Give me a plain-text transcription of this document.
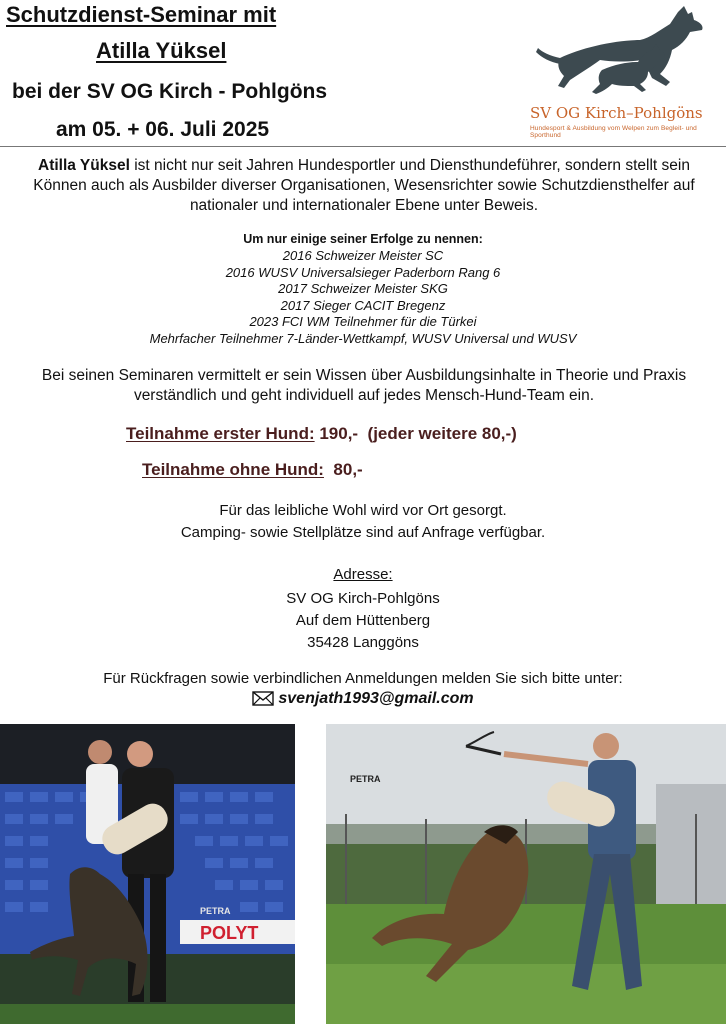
Schutzdienst-Seminar mit
Atilla Yüksel
bei der SV OG Kirch - Pohlgöns
am 05. + 06. Juli 2025
SV OG Kirch–Pohlgöns
Hundesport & Ausbildung vom Welpen zum Begleit- und Sporthund
Atilla Yüksel ist nicht nur seit Jahren Hundesportler und Diensthundeführer, sondern stellt sein Können auch als Ausbilder diverser Organisationen, Wesensrichter sowie Schutzdiensthelfer auf nationaler und internationaler Ebene unter Beweis.
Um nur einige seiner Erfolge zu nennen:
2016 Schweizer Meister SC
2016 WUSV Universalsieger Paderborn Rang 6
2017 Schweizer Meister SKG
2017 Sieger CACIT Bregenz
2023 FCI WM Teilnehmer für die Türkei
Mehrfacher Teilnehmer 7-Länder-Wettkampf, WUSV Universal und WUSV
Bei seinen Seminaren vermittelt er sein Wissen über Ausbildungsinhalte in Theorie und Praxis verständlich und geht individuell auf jedes Mensch-Hund-Team ein.
Teilnahme erster Hund: 190,-  (jeder weitere 80,-)
Teilnahme ohne Hund:  80,-
Für das leibliche Wohl wird vor Ort gesorgt.
Camping- sowie Stellplätze sind auf Anfrage verfügbar.
Adresse:
SV OG Kirch-Pohlgöns
Auf dem Hüttenberg
35428 Langgöns
Für Rückfragen sowie verbindlichen Anmeldungen melden Sie sich bitte unter:
svenjath1993@gmail.com
POLYT
PETRA
PETRA
